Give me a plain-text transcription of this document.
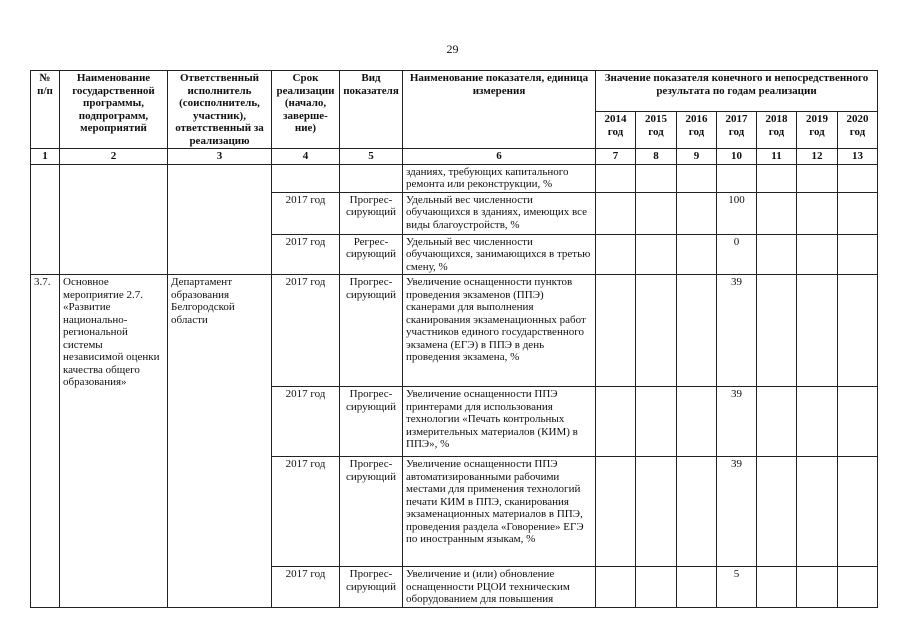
29
№ п/п	Наименование государственной программы, подпрограмм, мероприятий	Ответственный исполнитель (соисполнитель, участник), ответственный за реализацию	Срок реализации (начало, заверше-ние)	Вид показателя	Наименование показателя, единица измерения	Значение показателя конечного и непосредственного результата по годам реализации						
						2014 год	2015 год	2016 год	2017 год	2018 год	2019 год	2020 год
1	2	3	4	5	6	7	8	9	10	11	12	13
					зданиях, требующих капитального ремонта или реконструкции, %							
			2017 год	Прогрес-сирующий	Удельный вес численности обучающихся в зданиях, имеющих все виды благоустройств, %				100			
			2017 год	Регрес-сирующий	Удельный вес численности обучающихся, занимающихся в третью смену, %				0			
3.7.	Основное мероприятие 2.7. «Развитие национально-региональной системы независимой оценки качества общего образования»	Департамент образования Белгородской области	2017 год	Прогрес-сирующий	Увеличение оснащенности пунктов проведения экзаменов (ППЭ) сканерами для выполнения сканирования экзаменационных работ участников единого государственного экзамена (ЕГЭ) в ППЭ в день проведения экзамена, %				39			
			2017 год	Прогрес-сирующий	Увеличение оснащенности ППЭ принтерами для использования технологии «Печать контрольных измерительных материалов (КИМ) в ППЭ», %				39			
			2017 год	Прогрес-сирующий	Увеличение оснащенности ППЭ автоматизированными рабочими местами для применения технологий печати КИМ в ППЭ, сканирования экзаменационных материалов в ППЭ, проведения раздела «Говорение» ЕГЭ по иностранным языкам, %				39			
			2017 год	Прогрес-сирующий	Увеличение и (или) обновление оснащенности РЦОИ техническим оборудованием для повышения				5			
